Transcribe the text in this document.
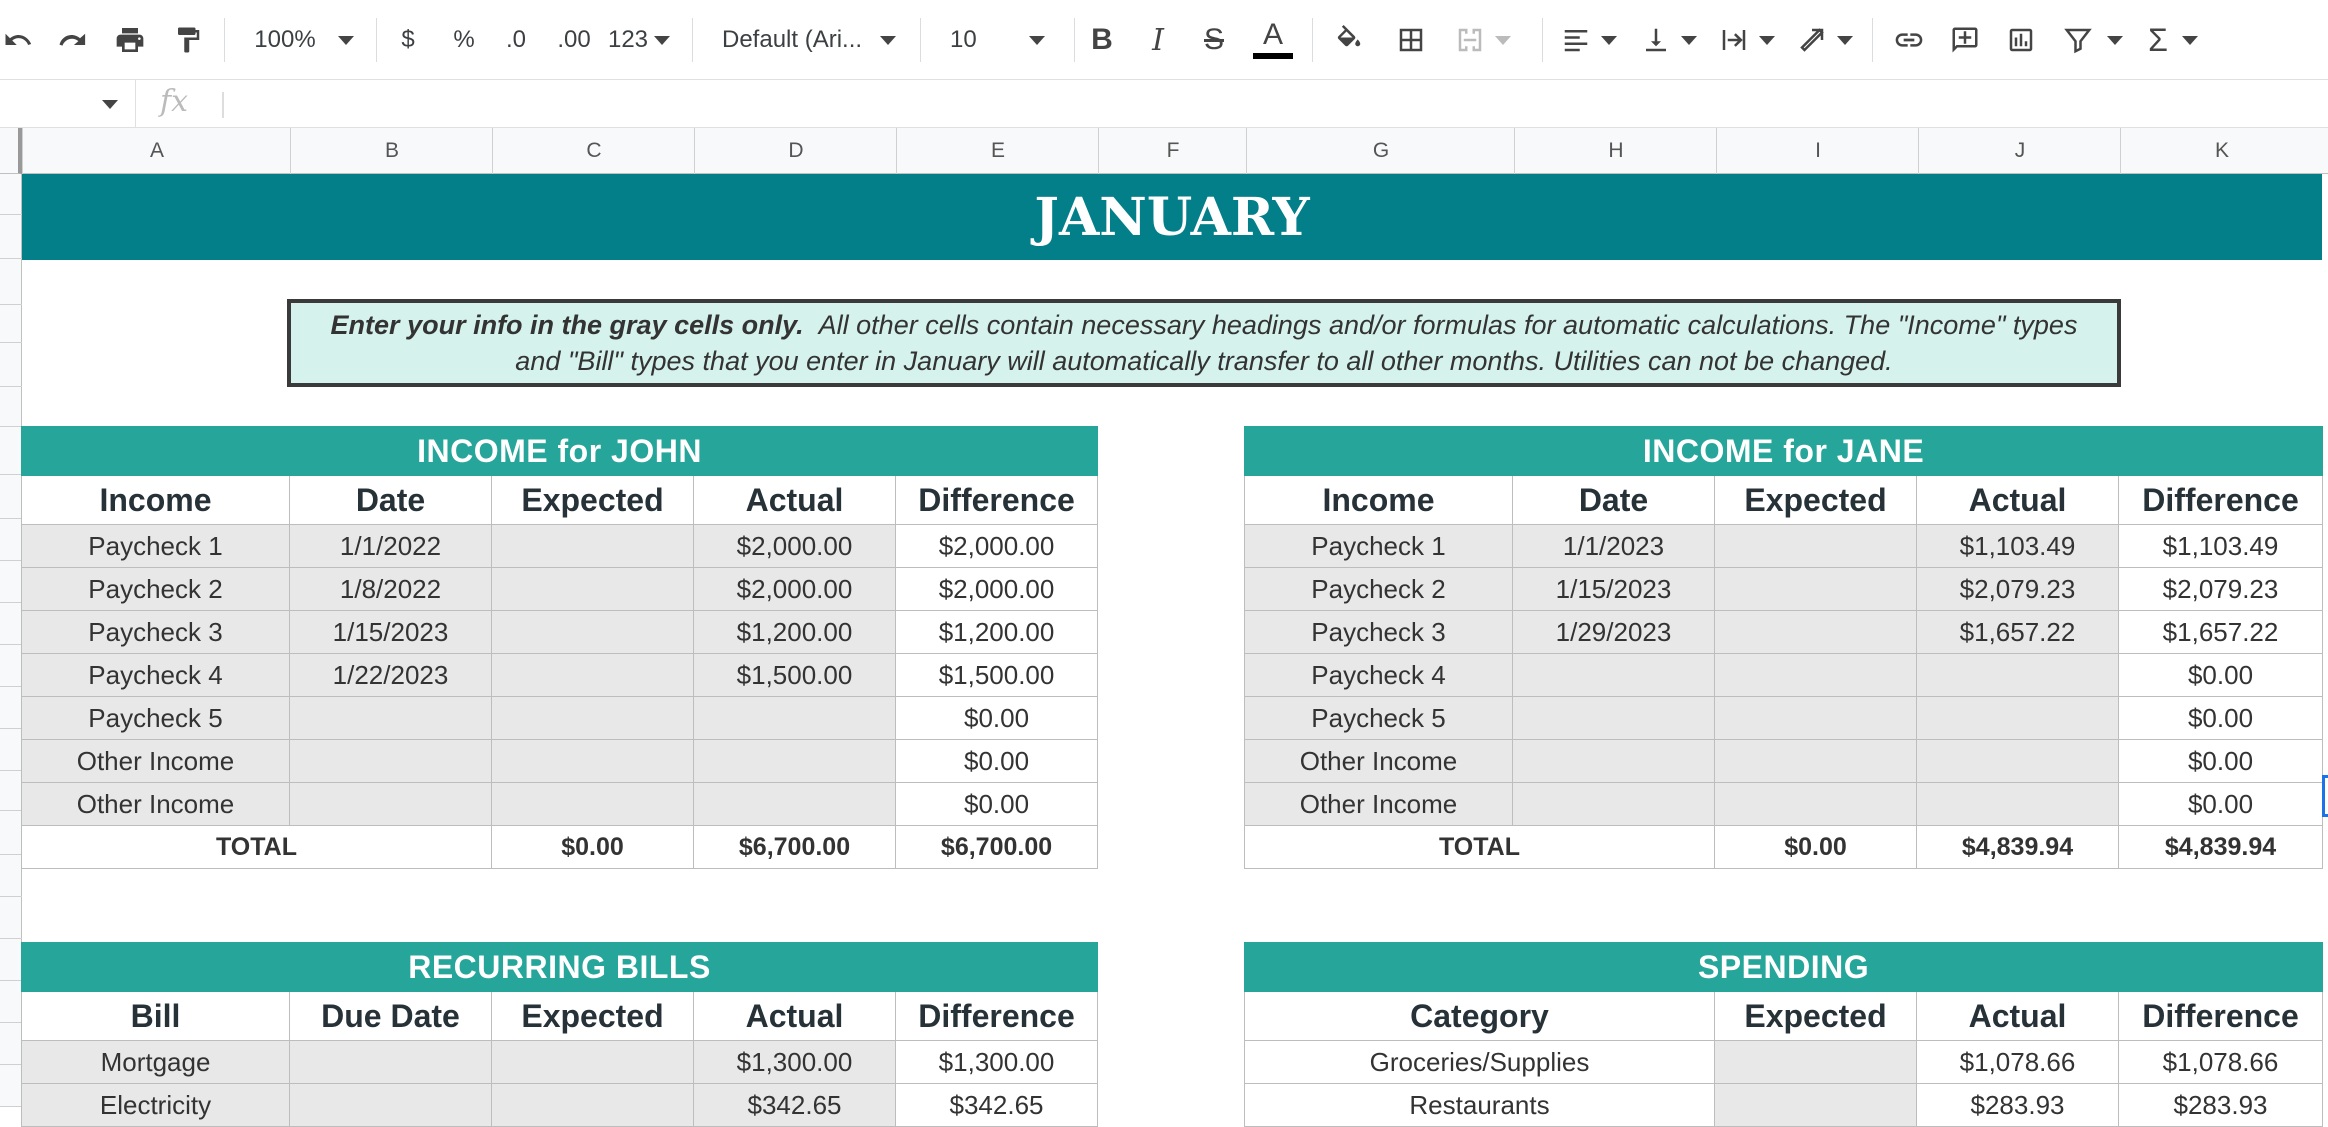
100%	$ % .0 .00 123	Default (Ari...	10	B	I	S	A	Σ
fx
A	B	C	D	E	F	G	H	I	J	K
JANUARY
Enter your info in the gray cells only. All other cells contain necessary headings and/or formulas for automatic calculations. The "Income" types and "Bill" types that you enter in January will automatically transfer to all other months. Utilities can not be changed.
INCOME for JOHN				
Income	Date	Expected	Actual	Difference
Paycheck 1	1/1/2022		$2,000.00	$2,000.00
Paycheck 2	1/8/2022		$2,000.00	$2,000.00
Paycheck 3	1/15/2023		$1,200.00	$1,200.00
Paycheck 4	1/22/2023		$1,500.00	$1,500.00
Paycheck 5				$0.00
Other Income				$0.00
Other Income				$0.00
TOTAL		$0.00	$6,700.00	$6,700.00
INCOME for JANE				
Income	Date	Expected	Actual	Difference
Paycheck 1	1/1/2023		$1,103.49	$1,103.49
Paycheck 2	1/15/2023		$2,079.23	$2,079.23
Paycheck 3	1/29/2023		$1,657.22	$1,657.22
Paycheck 4				$0.00
Paycheck 5				$0.00
Other Income				$0.00
Other Income				$0.00
TOTAL		$0.00	$4,839.94	$4,839.94
RECURRING BILLS				
Bill	Due Date	Expected	Actual	Difference
Mortgage			$1,300.00	$1,300.00
Electricity			$342.65	$342.65
SPENDING			
Category	Expected	Actual	Difference
Groceries/Supplies		$1,078.66	$1,078.66
Restaurants		$283.93	$283.93
